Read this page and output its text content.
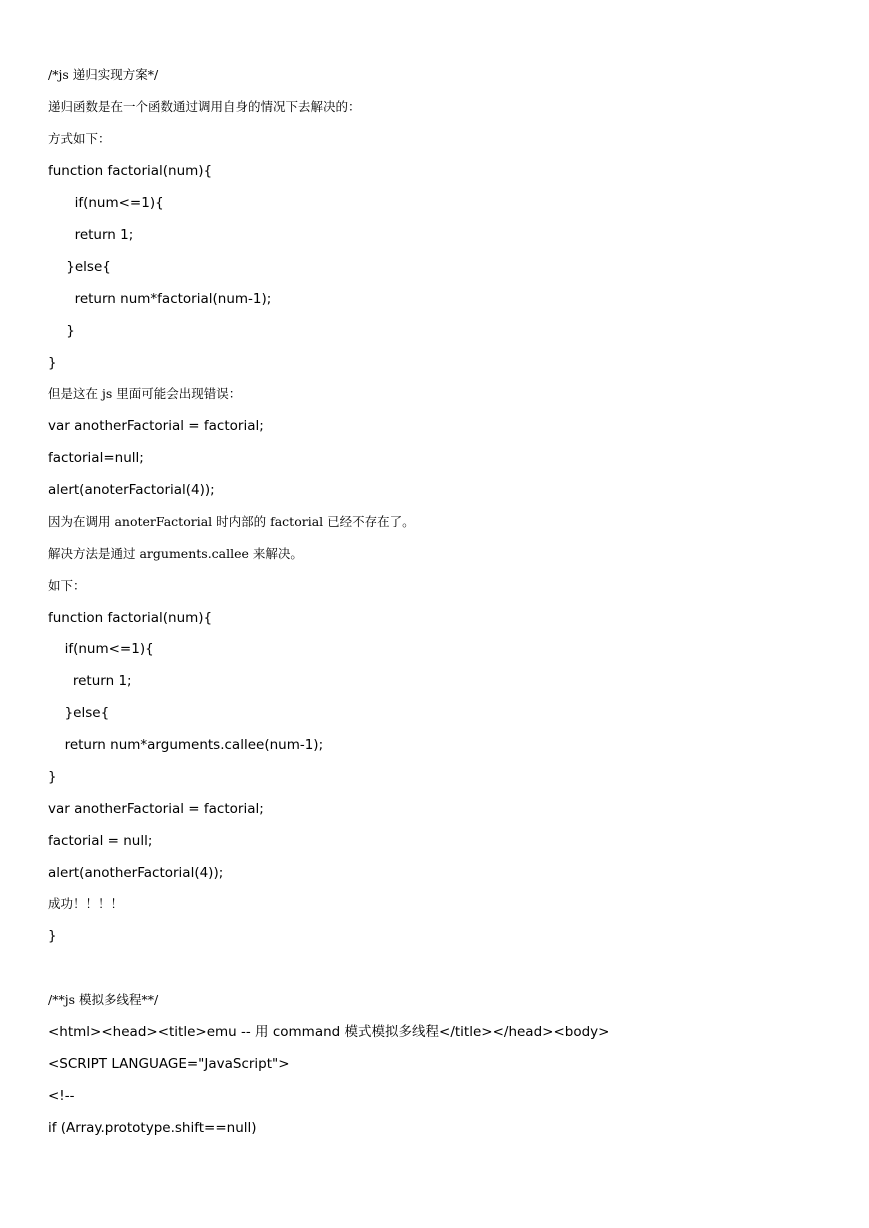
/*js 递归实现方案*/
递归函数是在一个函数通过调用自身的情况下去解决的：
方式如下：
function factorial(num){
if(num<=1){
return 1;
}else{
return num*factorial(num-1);
}
}
但是这在 js 里面可能会出现错误：
var anotherFactorial = factorial;
factorial=null;
alert(anoterFactorial(4));
因为在调用 anoterFactorial 时内部的 factorial 已经不存在了。
解决方法是通过 arguments.callee 来解决。
如下：
function factorial(num){
if(num<=1){
return 1;
}else{
return num*arguments.callee(num-1);
}
var anotherFactorial = factorial;
factorial = null;
alert(anotherFactorial(4));
成功！！！！
}
/**js 模拟多线程**/
<html><head><title>emu -- 用 command 模式模拟多线程</title></head><body>
<SCRIPT LANGUAGE="JavaScript">
<!--
if (Array.prototype.shift==null)
